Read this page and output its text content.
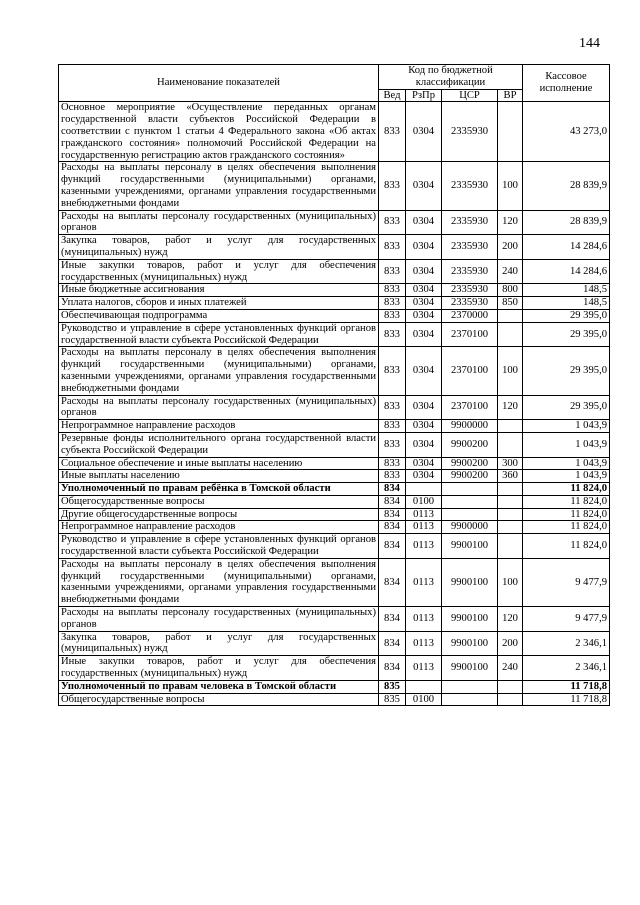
144
Наименование показателей	Код по бюджетной классификации				Кассовое исполнение
	Вед	РзПр	ЦСР	ВР	
Основное мероприятие «Осуществление переданных органам государственной власти субъектов Российской Федерации в соответствии с пунктом 1 статьи 4 Федерального закона «Об актах гражданского состояния» полномочий Российской Федерации на государственную регистрацию актов гражданского состояния»	833	0304	2335930		43 273,0
Расходы на выплаты персоналу в целях обеспечения выполнения функций государственными (муниципальными) органами, казенными учреждениями, органами управления государственными внебюджетными фондами	833	0304	2335930	100	28 839,9
Расходы на выплаты персоналу государственных (муниципальных) органов	833	0304	2335930	120	28 839,9
Закупка товаров, работ и услуг для государственных (муниципальных) нужд	833	0304	2335930	200	14 284,6
Иные закупки товаров, работ и услуг для обеспечения государственных (муниципальных) нужд	833	0304	2335930	240	14 284,6
Иные бюджетные ассигнования	833	0304	2335930	800	148,5
Уплата налогов, сборов и иных платежей	833	0304	2335930	850	148,5
Обеспечивающая подпрограмма	833	0304	2370000		29 395,0
Руководство и управление в сфере установленных функций органов государственной власти субъекта Российской Федерации	833	0304	2370100		29 395,0
Расходы на выплаты персоналу в целях обеспечения выполнения функций государственными (муниципальными) органами, казенными учреждениями, органами управления государственными внебюджетными фондами	833	0304	2370100	100	29 395,0
Расходы на выплаты персоналу государственных (муниципальных) органов	833	0304	2370100	120	29 395,0
Непрограммное направление расходов	833	0304	9900000		1 043,9
Резервные фонды исполнительного органа государственной власти субъекта Российской Федерации	833	0304	9900200		1 043,9
Социальное обеспечение и иные выплаты населению	833	0304	9900200	300	1 043,9
Иные выплаты населению	833	0304	9900200	360	1 043,9
Уполномоченный по правам ребёнка в Томской области	834				11 824,0
Общегосударственные вопросы	834	0100			11 824,0
Другие общегосударственные вопросы	834	0113			11 824,0
Непрограммное направление расходов	834	0113	9900000		11 824,0
Руководство и управление в сфере установленных функций органов государственной власти субъекта Российской Федерации	834	0113	9900100		11 824,0
Расходы на выплаты персоналу в целях обеспечения выполнения функций государственными (муниципальными) органами, казенными учреждениями, органами управления государственными внебюджетными фондами	834	0113	9900100	100	9 477,9
Расходы на выплаты персоналу государственных (муниципальных) органов	834	0113	9900100	120	9 477,9
Закупка товаров, работ и услуг для государственных (муниципальных) нужд	834	0113	9900100	200	2 346,1
Иные закупки товаров, работ и услуг для обеспечения государственных (муниципальных) нужд	834	0113	9900100	240	2 346,1
Уполномоченный по правам человека в Томской области	835				11 718,8
Общегосударственные вопросы	835	0100			11 718,8
